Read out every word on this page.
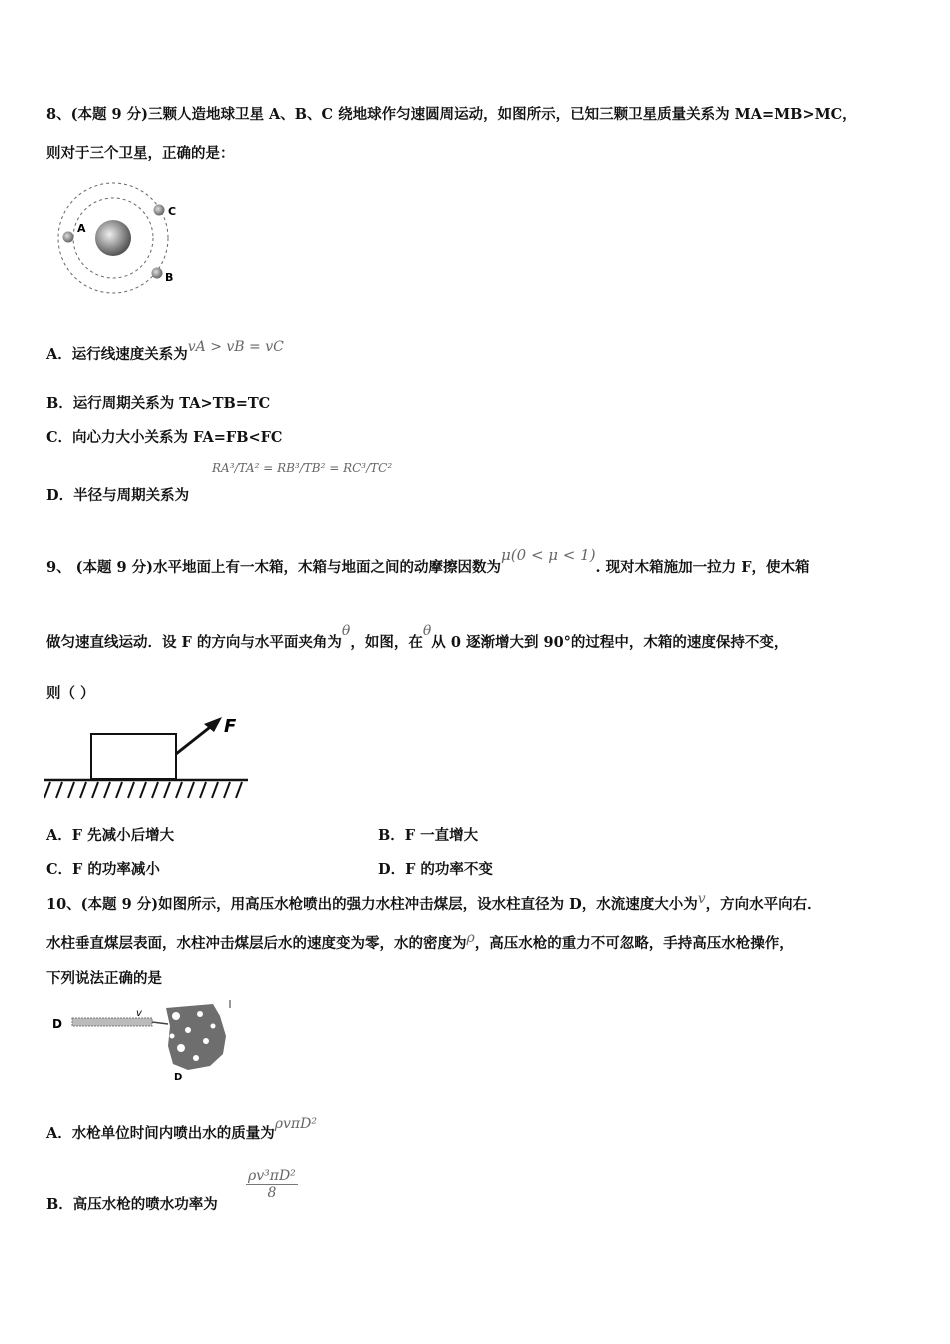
8、(本题 9 分)三颗人造地球卫星 A、B、C 绕地球作匀速圆周运动，如图所示，已知三颗卫星质量关系为 MA=MB>MC，
则对于三个卫星，正确的是：
A
C
B
A．运行线速度关系为vA > vB = vC
B．运行周期关系为 TA>TB=TC
C．向心力大小关系为 FA=FB<FC
D．半径与周期关系为
RA³/TA² = RB³/TB² = RC³/TC²
9、 (本题 9 分)水平地面上有一木箱，木箱与地面之间的动摩擦因数为μ(0 < μ < 1). 现对木箱施加一拉力 F，使木箱
做匀速直线运动．设 F 的方向与水平面夹角为θ，如图，在θ从 0 逐渐增大到 90°的过程中，木箱的速度保持不变，
则（ ）
F
A．F 先减小后增大	B．F 一直增大
C．F 的功率减小	D．F 的功率不变
10、(本题 9 分)如图所示，用高压水枪喷出的强力水柱冲击煤层，设水柱直径为 D，水流速度大小为v，方向水平向右．
水柱垂直煤层表面，水柱冲击煤层后水的速度变为零，水的密度为ρ，高压水枪的重力不可忽略，手持高压水枪操作，
下列说法正确的是
D
v
D
A．水枪单位时间内喷出水的质量为ρvπD²
B．高压水枪的喷水功率为
$\frac{\text{ρv³πD²}}{8}$
